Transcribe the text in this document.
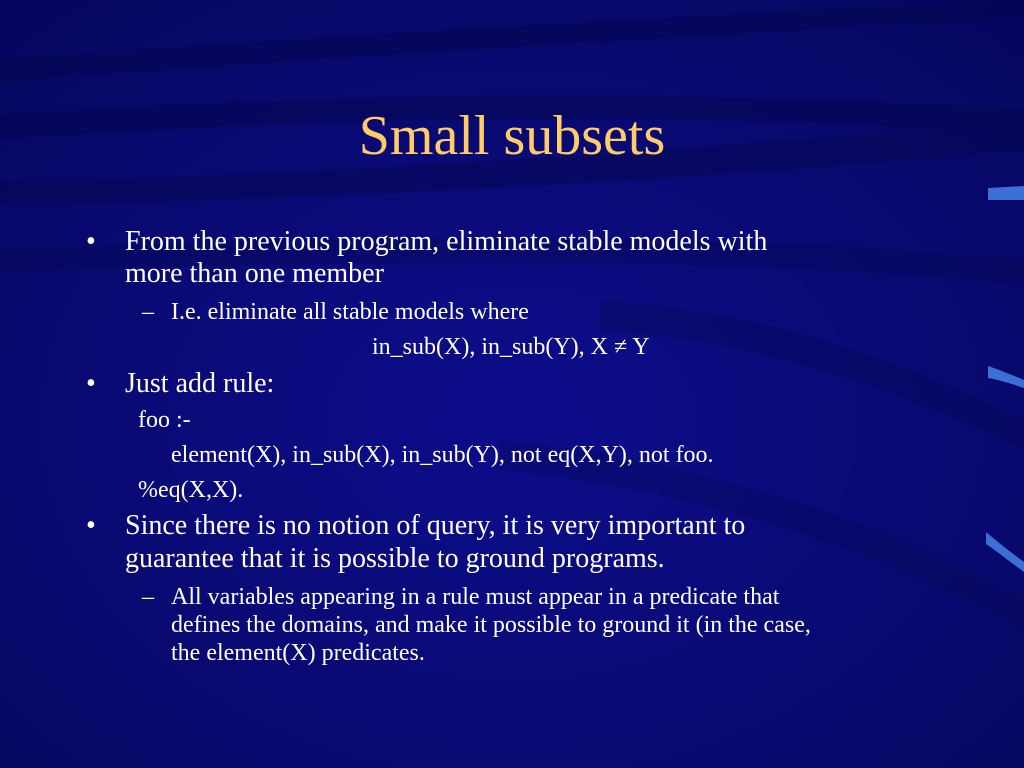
Small subsets
• From the previous program, eliminate stable models with
more than one member
– I.e. eliminate all stable models where
in_sub(X), in_sub(Y), X ≠ Y
• Just add rule:
foo :-
element(X), in_sub(X), in_sub(Y), not eq(X,Y), not foo.
%eq(X,X).
• Since there is no notion of query, it is very important to
guarantee that it is possible to ground programs.
– All variables appearing in a rule must appear in a predicate that
defines the domains, and make it possible to ground it (in the case,
the element(X) predicates.
